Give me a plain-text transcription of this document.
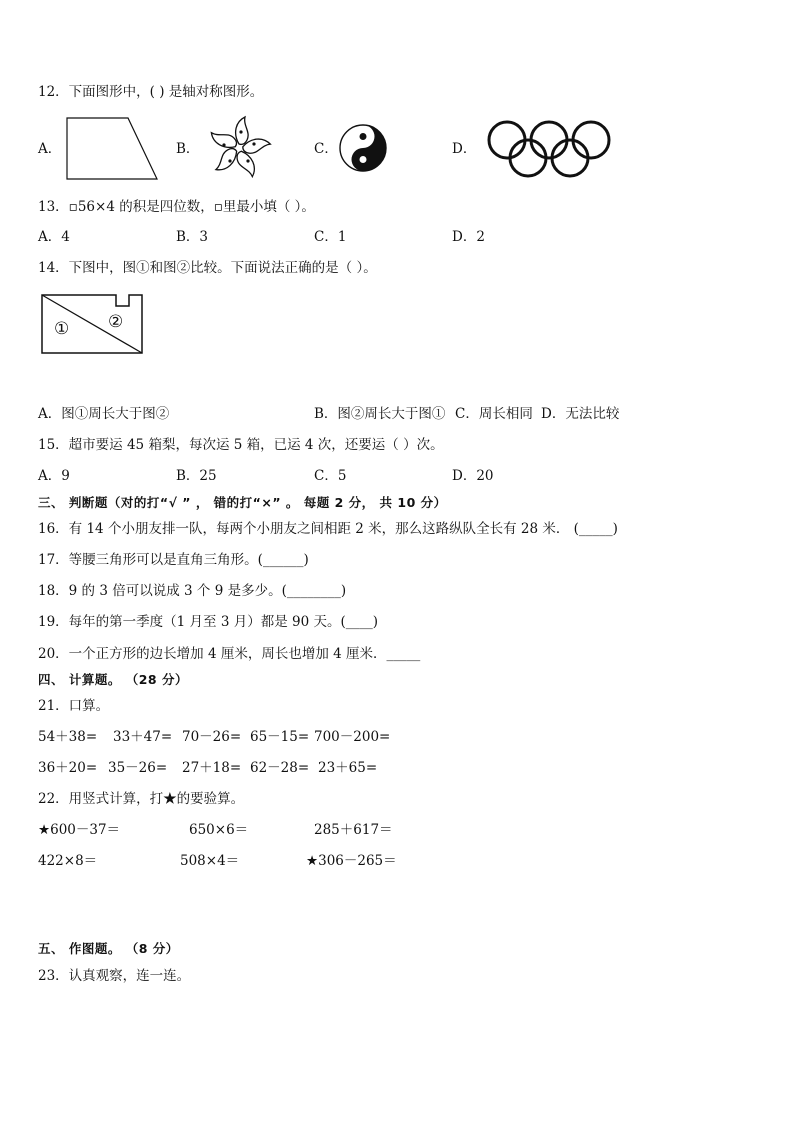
12．下面图形中，( ) 是轴对称图形。
A．	B．	C．	D．
13．▫56×4 的积是四位数，▫里最小填（ ）。
A．4	B．3	C．1	D．2
14．下图中，图①和图②比较。下面说法正确的是（ ）。
① ②
A．图①周长大于图②	B．图②周长大于图① C．周长相同 D．无法比较
15．超市要运 45 箱梨，每次运 5 箱，已运 4 次，还要运（ ）次。
A．9	B．25	C．5	D．20
三、 判断题（对的打“√ ” ， 错的打“×” 。 每题 2 分， 共 10 分）
16．有 14 个小朋友排一队，每两个小朋友之间相距 2 米，那么这路纵队全长有 28 米． (_____)
17．等腰三角形可以是直角三角形。(______)
18．9 的 3 倍可以说成 3 个 9 是多少。(________)
19．每年的第一季度（1 月至 3 月）都是 90 天。(____)
20．一个正方形的边长增加 4 厘米，周长也增加 4 厘米．_____
四、 计算题。 （28 分）
21．口算。
54＋38= 33＋47= 70－26= 65－15= 700－200=
36＋20= 35－26= 27＋18= 62－28= 23＋65=
22．用竖式计算，打★的要验算。
★600－37＝	650×6＝	285＋617＝
422×8＝	508×4＝	★306－265＝
五、 作图题。 （8 分）
23．认真观察，连一连。
